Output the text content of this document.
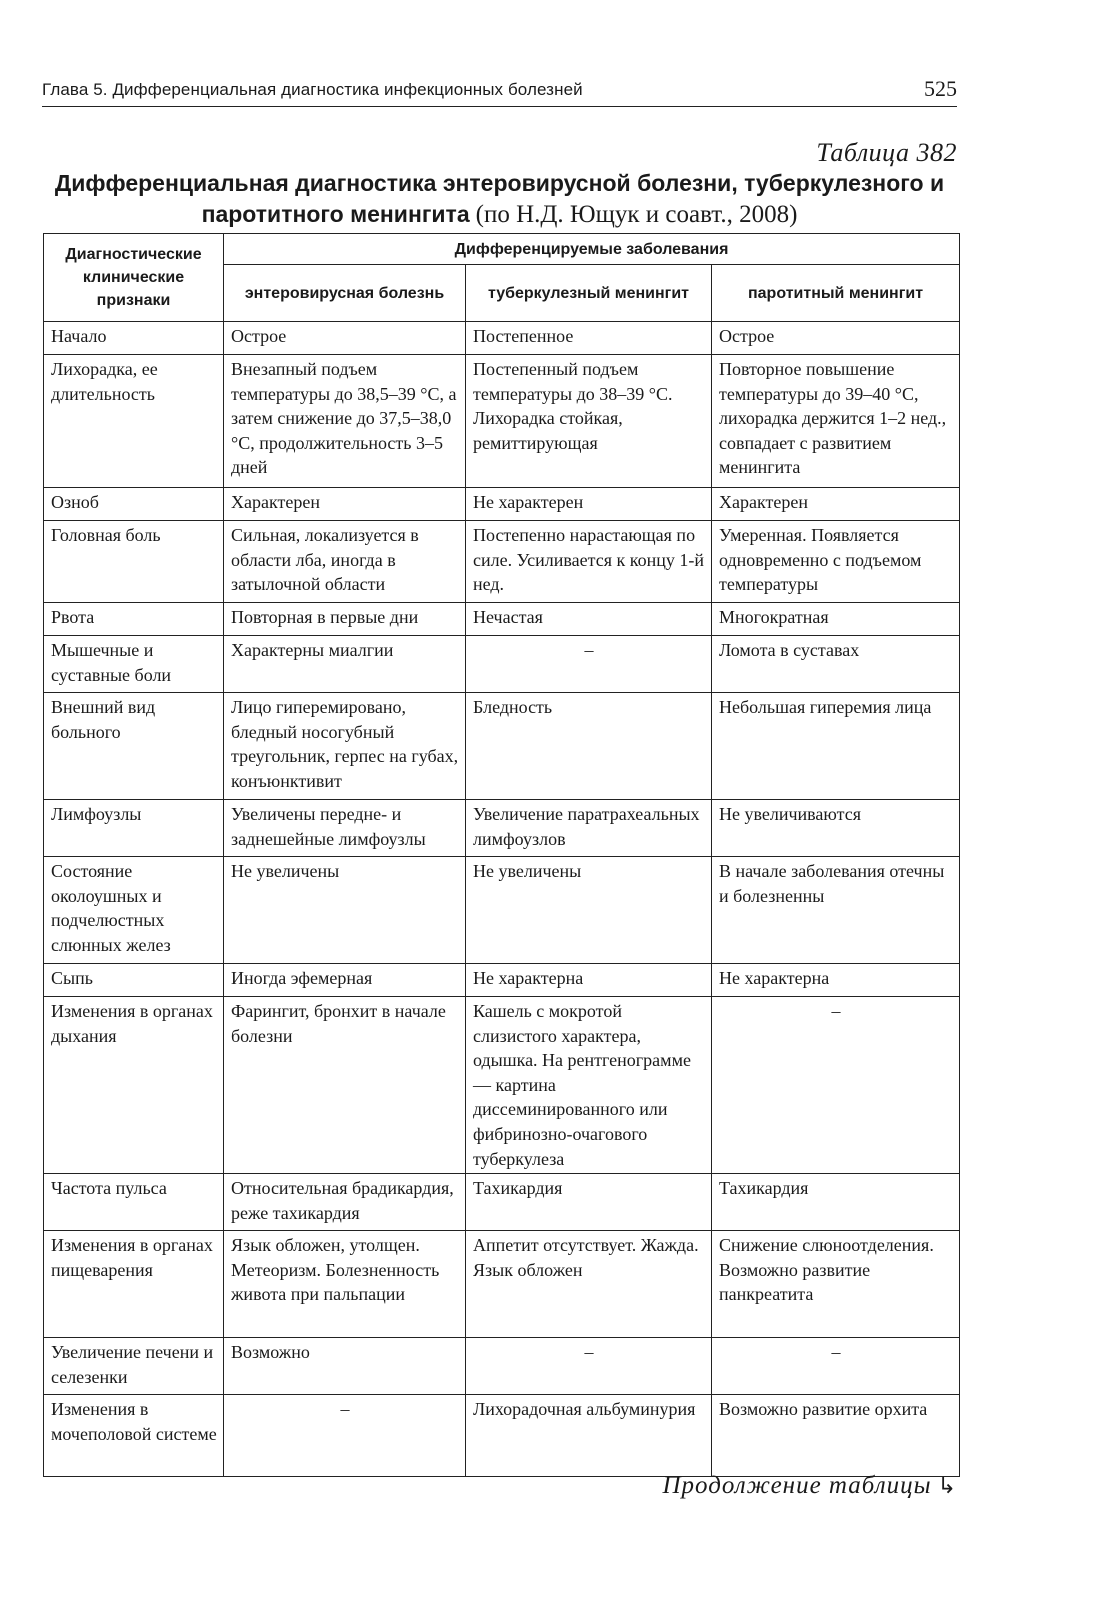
Глава 5. Дифференциальная диагностика инфекционных болезней	525
Таблица 382
Дифференциальная диагностика энтеровирусной болезни, туберкулезного и паротитного менингита (по Н.Д. Ющук и соавт., 2008)
Диагностические клинические признаки	Дифференцируемые заболевания		
	энтеровирусная болезнь	туберкулезный менингит	паротитный менингит
Начало	Острое	Постепенное	Острое
Лихорадка, ее длительность	Внезапный подъем температуры до 38,5–39 °С, а затем снижение до 37,5–38,0 °С, продолжительность 3–5 дней	Постепенный подъем температуры до 38–39 °С. Лихорадка стойкая, ремиттирующая	Повторное повышение температуры до 39–40 °С, лихорадка держится 1–2 нед., совпадает с развитием менингита
Озноб	Характерен	Не характерен	Характерен
Головная боль	Сильная, локализуется в области лба, иногда в затылочной области	Постепенно нарастающая по силе. Усиливается к концу 1-й нед.	Умеренная. Появляется одновременно с подъемом температуры
Рвота	Повторная в первые дни	Нечастая	Многократная
Мышечные и суставные боли	Характерны миалгии	–	Ломота в суставах
Внешний вид больного	Лицо гиперемировано, бледный носогубный треугольник, герпес на губах, конъюнктивит	Бледность	Небольшая гиперемия лица
Лимфоузлы	Увеличены передне- и заднешейные лимфоузлы	Увеличение паратрахеальных лимфоузлов	Не увеличиваются
Состояние околоушных и подчелюстных слюнных желез	Не увеличены	Не увеличены	В начале заболевания отечны и болезненны
Сыпь	Иногда эфемерная	Не характерна	Не характерна
Изменения в органах дыхания	Фарингит, бронхит в начале болезни	Кашель с мокротой слизистого характера, одышка. На рентгенограмме — картина диссеминированного или фибринозно-очагового туберкулеза	–
Частота пульса	Относительная брадикардия, реже тахикардия	Тахикардия	Тахикардия
Изменения в органах пищеварения	Язык обложен, утолщен. Метеоризм. Болезненность живота при пальпации	Аппетит отсутствует. Жажда. Язык обложен	Снижение слюноотделения. Возможно развитие панкреатита
Увеличение печени и селезенки	Возможно	–	–
Изменения в мочеполовой системе	–	Лихорадочная альбуминурия	Возможно развитие орхита
Продолжение таблицы ↳
